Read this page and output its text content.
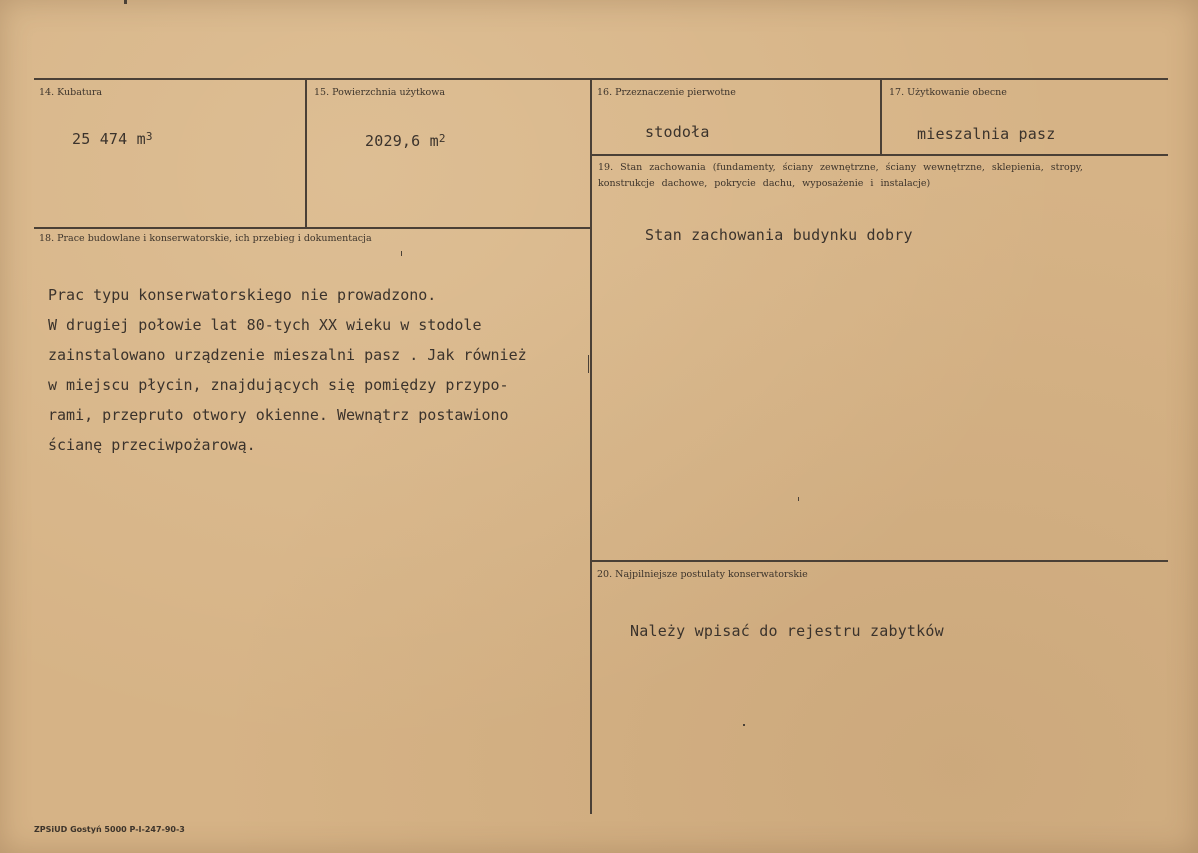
14. Kubatura
25 474 $m^3$
15. Powierzchnia użytkowa
2029,6 $m^2$
16. Przeznaczenie pierwotne
stodoła
17. Użytkowanie obecne
mieszalnia pasz
19. Stan zachowania (fundamenty, ściany zewnętrzne, ściany wewnętrzne, sklepienia, stropy, konstrukcje dachowe, pokrycie dachu, wyposażenie i instalacje)
Stan zachowania budynku dobry
18. Prace budowlane i konserwatorskie, ich przebieg i dokumentacja
Prac typu konserwatorskiego nie prowadzono.
W drugiej połowie lat 80-tych XX wieku w stodole
zainstalowano urządzenie mieszalni pasz . Jak również
w miejscu płycin, znajdujących się pomiędzy przypo-
rami, przepruto otwory okienne. Wewnątrz postawiono
ścianę przeciwpożarową.
20. Najpilniejsze postulaty konserwatorskie
Należy wpisać do rejestru zabytków
ZPSiUD Gostyń 5000 P-I-247-90-3
